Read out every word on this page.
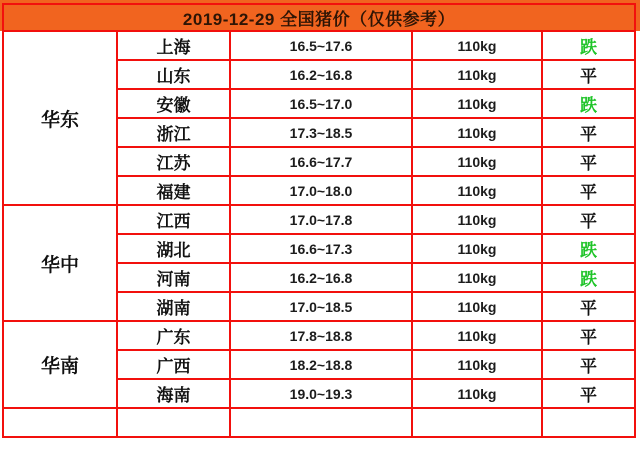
2019-12-29 全国猪价（仅供参考）				
华东	上海	16.5~17.6	110kg	跌
	山东	16.2~16.8	110kg	平
	安徽	16.5~17.0	110kg	跌
	浙江	17.3~18.5	110kg	平
	江苏	16.6~17.7	110kg	平
	福建	17.0~18.0	110kg	平
华中	江西	17.0~17.8	110kg	平
	湖北	16.6~17.3	110kg	跌
	河南	16.2~16.8	110kg	跌
	湖南	17.0~18.5	110kg	平
华南	广东	17.8~18.8	110kg	平
	广西	18.2~18.8	110kg	平
	海南	19.0~19.3	110kg	平
